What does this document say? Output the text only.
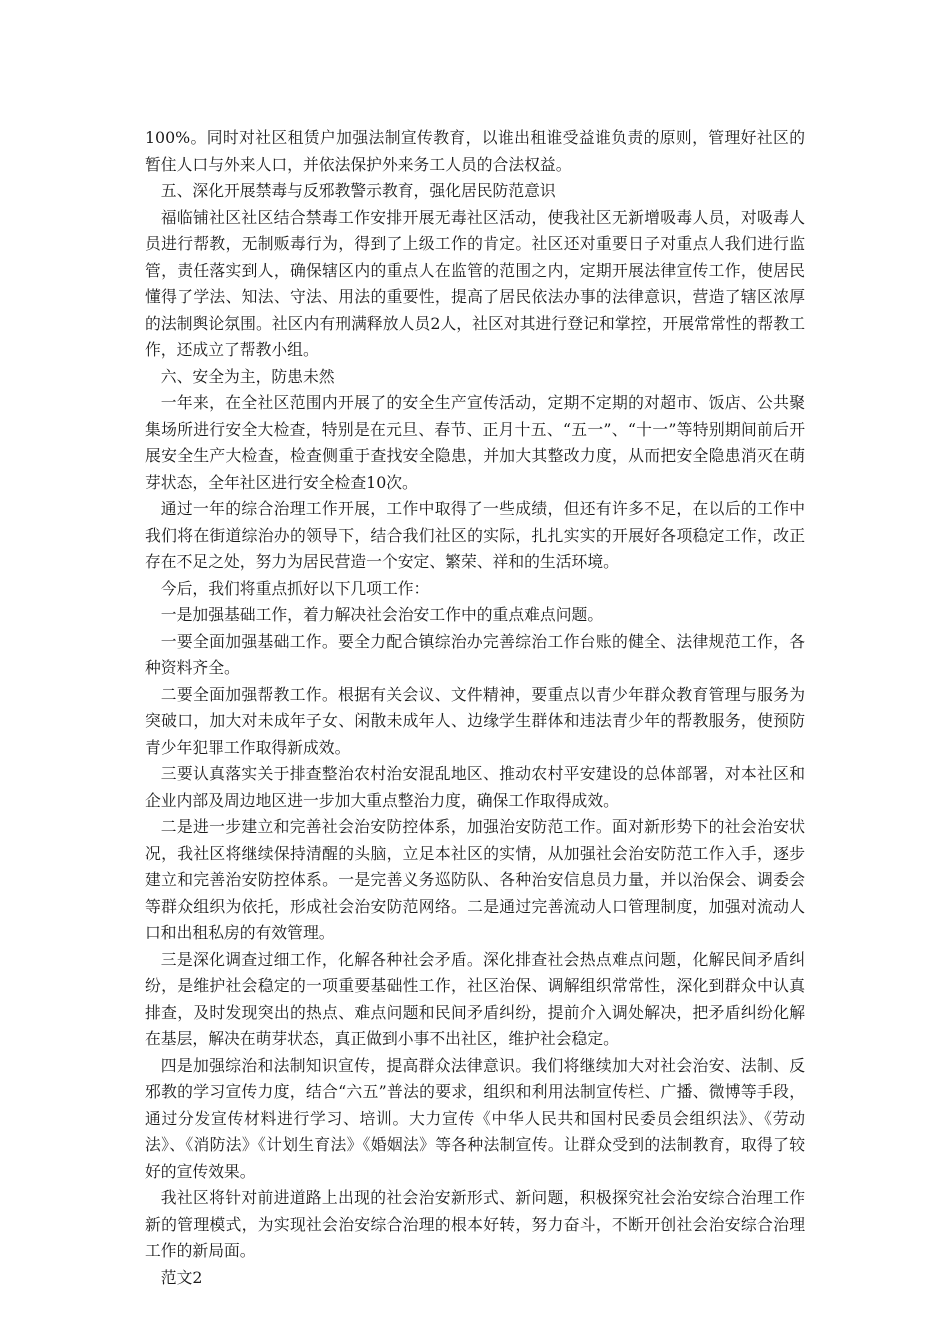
100%。同时对社区租赁户加强法制宣传教育，以谁出租谁受益谁负责的原则，管理好社区的暂住人口与外来人口，并依法保护外来务工人员的合法权益。

五、深化开展禁毒与反邪教警示教育，强化居民防范意识

福临铺社区社区结合禁毒工作安排开展无毒社区活动，使我社区无新增吸毒人员，对吸毒人员进行帮教，无制贩毒行为，得到了上级工作的肯定。社区还对重要日子对重点人我们进行监管，责任落实到人，确保辖区内的重点人在监管的范围之内，定期开展法律宣传工作，使居民懂得了学法、知法、守法、用法的重要性，提高了居民依法办事的法律意识，营造了辖区浓厚的法制舆论氛围。社区内有刑满释放人员2人，社区对其进行登记和掌控，开展常常性的帮教工作，还成立了帮教小组。

六、安全为主，防患未然

一年来，在全社区范围内开展了的安全生产宣传活动，定期不定期的对超市、饭店、公共聚集场所进行安全大检查，特别是在元旦、春节、正月十五、“五一”、“十一”等特别期间前后开展安全生产大检查，检查侧重于查找安全隐患，并加大其整改力度，从而把安全隐患消灭在萌芽状态，全年社区进行安全检查10次。

通过一年的综合治理工作开展，工作中取得了一些成绩，但还有许多不足，在以后的工作中我们将在街道综治办的领导下，结合我们社区的实际，扎扎实实的开展好各项稳定工作，改正存在不足之处，努力为居民营造一个安定、繁荣、祥和的生活环境。

今后，我们将重点抓好以下几项工作：

一是加强基础工作，着力解决社会治安工作中的重点难点问题。

一要全面加强基础工作。要全力配合镇综治办完善综治工作台账的健全、法律规范工作，各种资料齐全。

二要全面加强帮教工作。根据有关会议、文件精神，要重点以青少年群众教育管理与服务为突破口，加大对未成年子女、闲散未成年人、边缘学生群体和违法青少年的帮教服务，使预防青少年犯罪工作取得新成效。

三要认真落实关于排查整治农村治安混乱地区、推动农村平安建设的总体部署，对本社区和企业内部及周边地区进一步加大重点整治力度，确保工作取得成效。

二是进一步建立和完善社会治安防控体系，加强治安防范工作。面对新形势下的社会治安状况，我社区将继续保持清醒的头脑，立足本社区的实情，从加强社会治安防范工作入手，逐步建立和完善治安防控体系。一是完善义务巡防队、各种治安信息员力量，并以治保会、调委会等群众组织为依托，形成社会治安防范网络。二是通过完善流动人口管理制度，加强对流动人口和出租私房的有效管理。

三是深化调查过细工作，化解各种社会矛盾。深化排查社会热点难点问题，化解民间矛盾纠纷，是维护社会稳定的一项重要基础性工作，社区治保、调解组织常常性，深化到群众中认真排查，及时发现突出的热点、难点问题和民间矛盾纠纷，提前介入调处解决，把矛盾纠纷化解在基层，解决在萌芽状态，真正做到小事不出社区，维护社会稳定。

四是加强综治和法制知识宣传，提高群众法律意识。我们将继续加大对社会治安、法制、反邪教的学习宣传力度，结合“六五”普法的要求，组织和利用法制宣传栏、广播、微博等手段，通过分发宣传材料进行学习、培训。大力宣传《中华人民共和国村民委员会组织法》、《劳动法》、《消防法》《计划生育法》《婚姻法》等各种法制宣传。让群众受到的法制教育，取得了较好的宣传效果。

我社区将针对前进道路上出现的社会治安新形式、新问题，积极探究社会治安综合治理工作新的管理模式，为实现社会治安综合治理的根本好转，努力奋斗，不断开创社会治安综合治理工作的新局面。

范文2
